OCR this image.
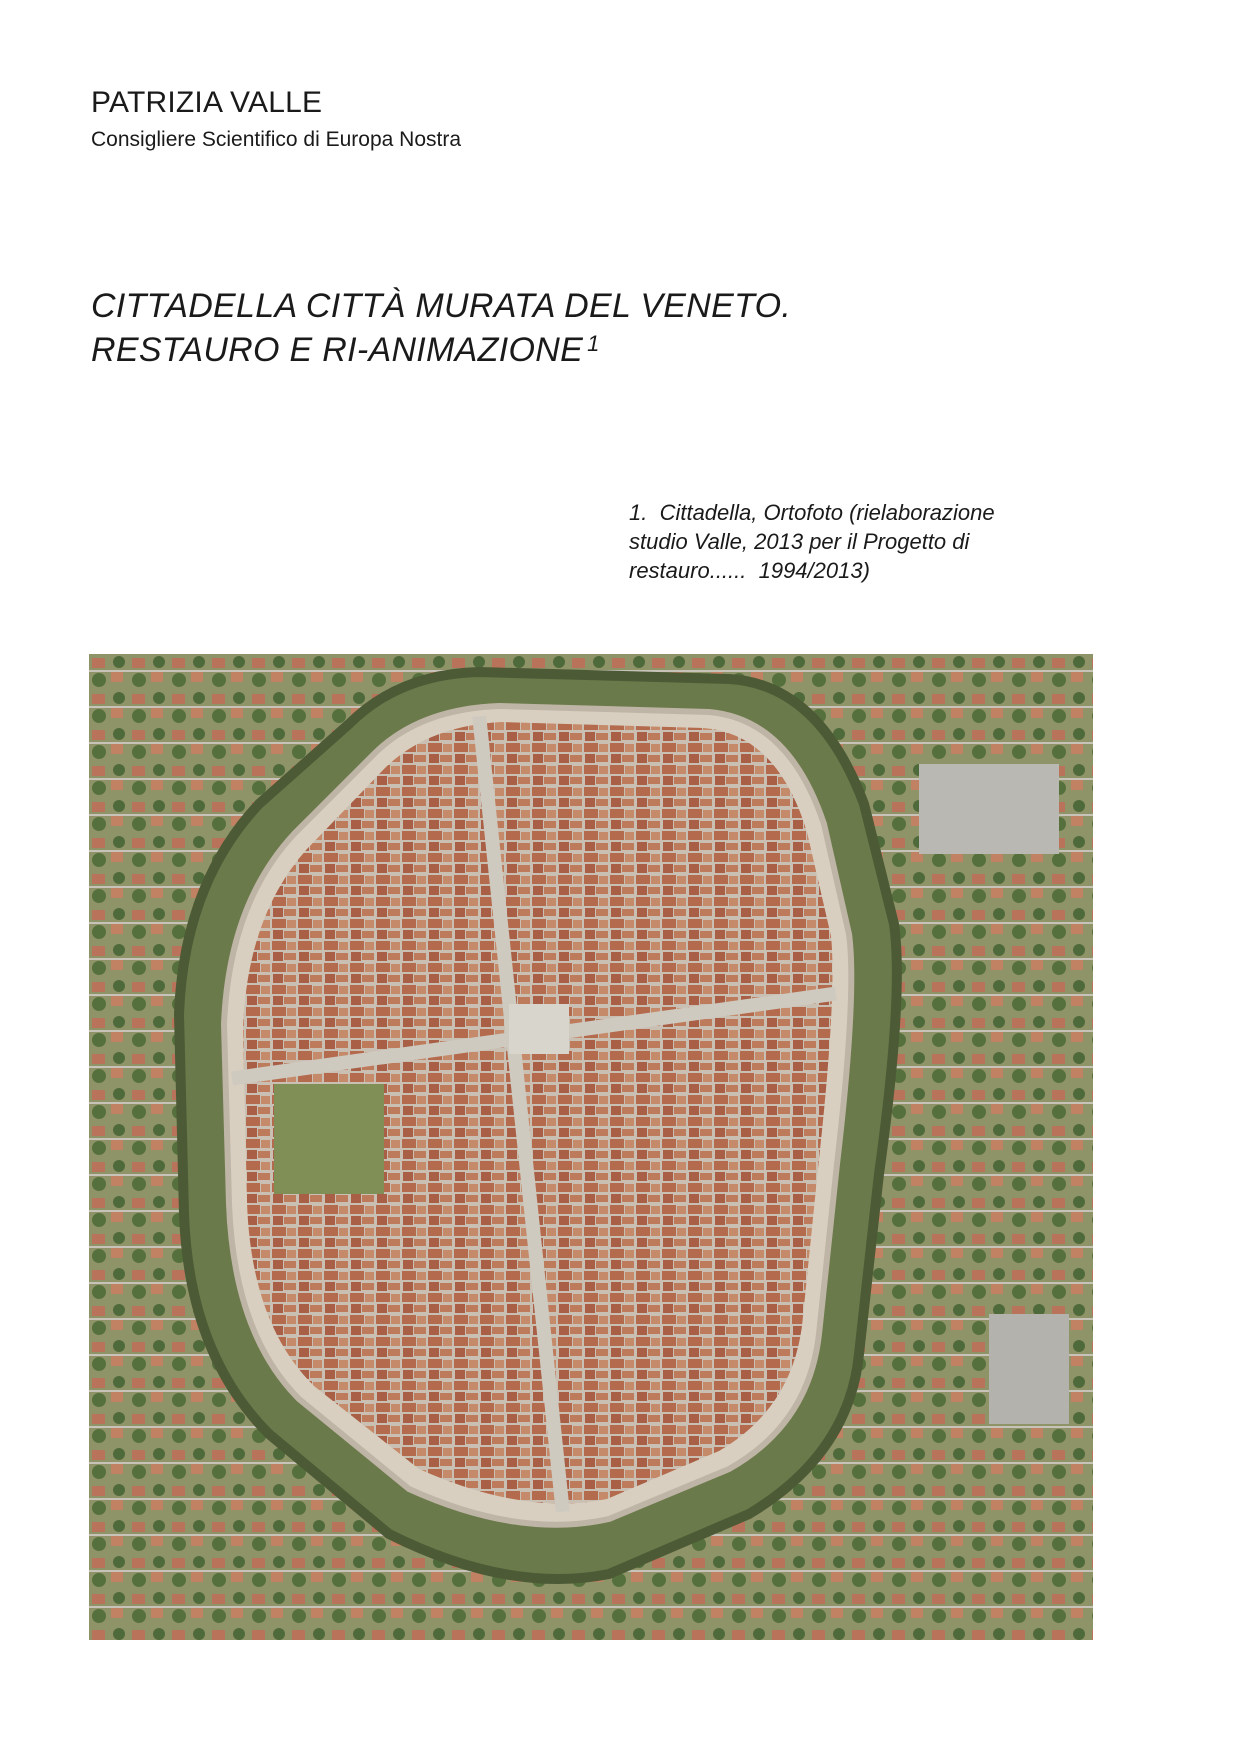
PATRIZIA VALLE
Consigliere Scientifico di Europa Nostra
CITTADELLA CITTÀ MURATA DEL VENETO.
RESTAURO E RI-ANIMAZIONE $^1$
1.  Cittadella, Ortofoto (rielaborazione
studio Valle, 2013 per il Progetto di
restauro......  1994/2013)
